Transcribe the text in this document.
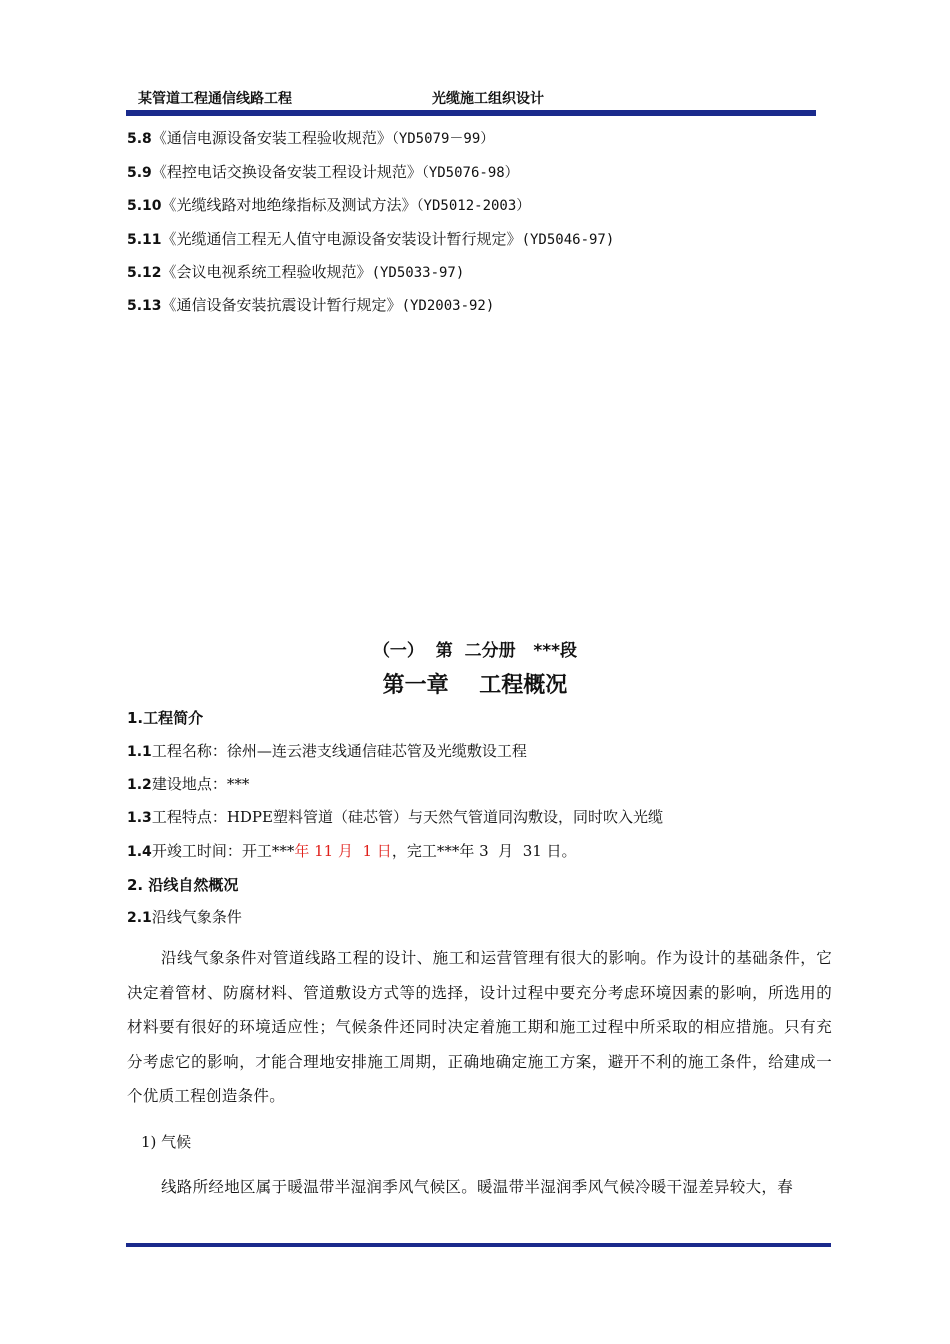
某管道工程通信线路工程	光缆施工组织设计
5.8《通信电源设备安装工程验收规范》（YD5079－99）
5.9《程控电话交换设备安装工程设计规范》（YD5076-98）
5.10《光缆线路对地绝缘指标及测试方法》（YD5012-2003）
5.11《光缆通信工程无人值守电源设备安装设计暂行规定》(YD5046-97)
5.12《会议电视系统工程验收规范》(YD5033-97)
5.13《通信设备安装抗震设计暂行规定》(YD2003-92)
（一）  第  二分册   ***段
第一章    工程概况
1.工程简介
1.1工程名称：徐州—连云港支线通信硅芯管及光缆敷设工程
1.2建设地点：***
1.3工程特点：HDPE塑料管道（硅芯管）与天然气管道同沟敷设，同时吹入光缆
1.4开竣工时间：开工***年 11 月  1 日，完工***年 3  月  31 日。
2. 沿线自然概况
2.1沿线气象条件
沿线气象条件对管道线路工程的设计、施工和运营管理有很大的影响。作为设计的基础条件，它决定着管材、防腐材料、管道敷设方式等的选择，设计过程中要充分考虑环境因素的影响，所选用的材料要有很好的环境适应性；气候条件还同时决定着施工期和施工过程中所采取的相应措施。只有充分考虑它的影响，才能合理地安排施工周期，正确地确定施工方案，避开不利的施工条件，给建成一个优质工程创造条件。
1) 气候
线路所经地区属于暖温带半湿润季风气候区。暖温带半湿润季风气候冷暖干湿差异较大，春
